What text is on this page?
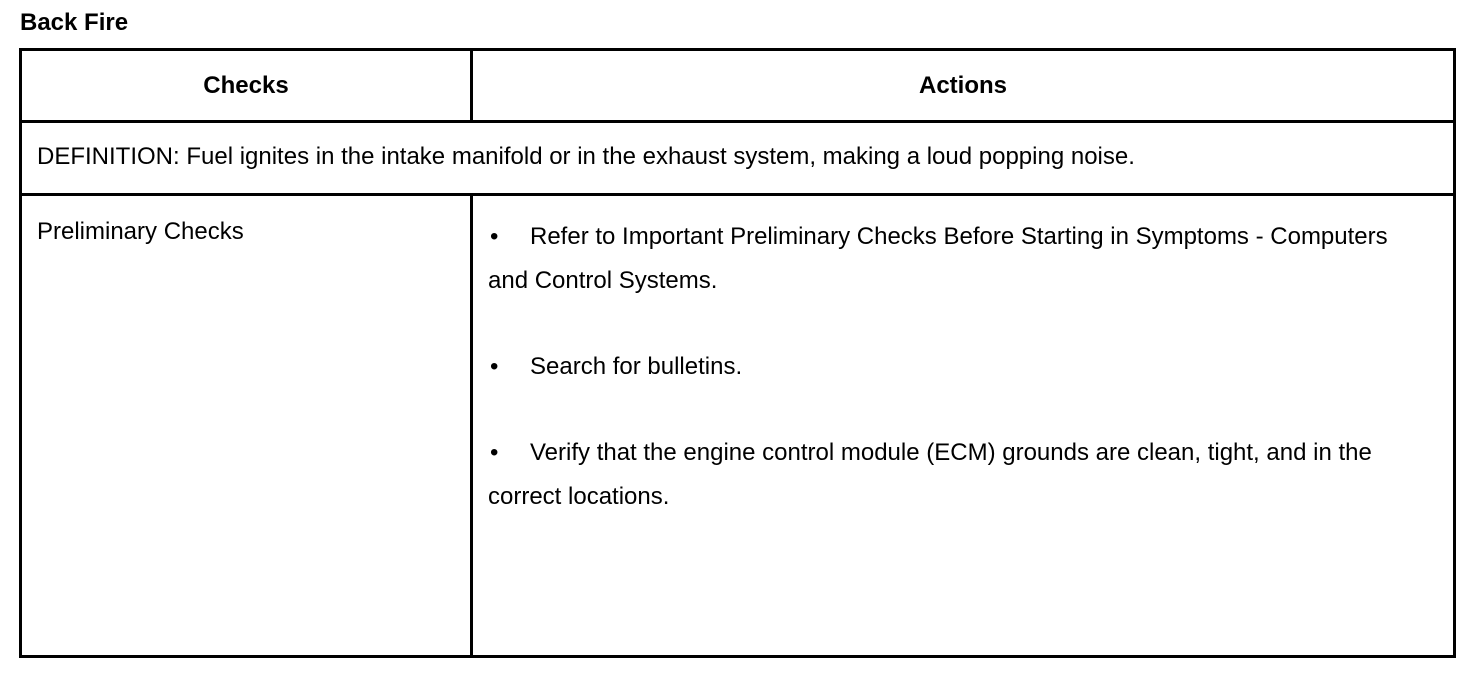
Back Fire
Checks	Actions
DEFINITION: Fuel ignites in the intake manifold or in the exhaust system, making a loud popping noise.
Preliminary Checks	• Refer to Important Preliminary Checks Before Starting in Symptoms - Computers and Control Systems.
• Search for bulletins.
• Verify that the engine control module (ECM) grounds are clean, tight, and in the correct locations.
